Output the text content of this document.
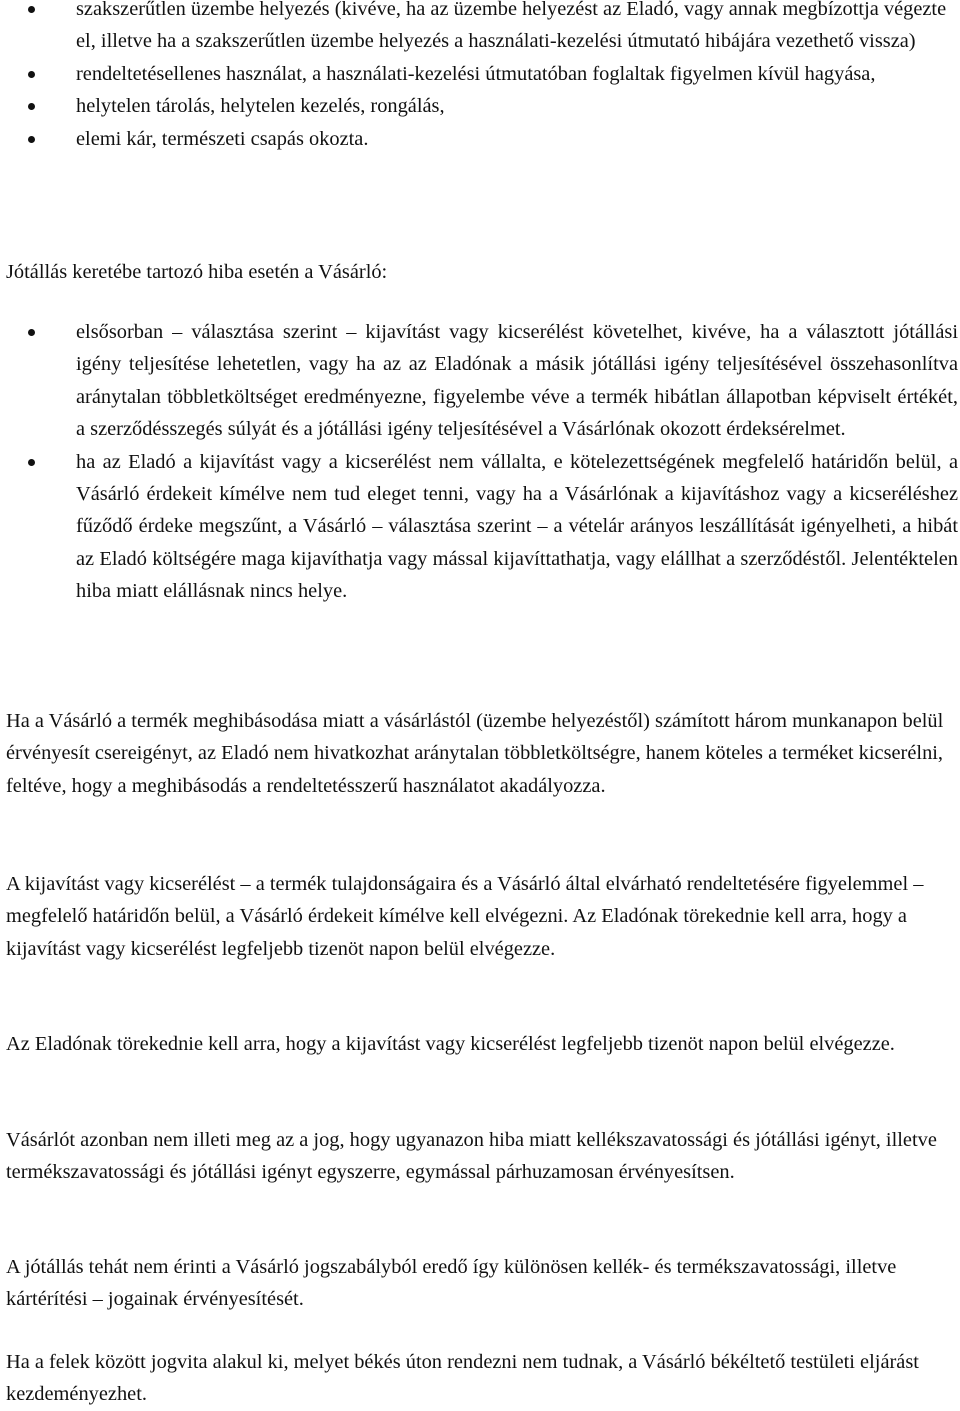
szakszerűtlen üzembe helyezés (kivéve, ha az üzembe helyezést az Eladó, vagy annak megbízottja végezte el, illetve ha a szakszerűtlen üzembe helyezés a használati-kezelési útmutató hibájára vezethető vissza)
rendeltetésellenes használat, a használati-kezelési útmutatóban foglaltak figyelmen kívül hagyása,
helytelen tárolás, helytelen kezelés, rongálás,
elemi kár, természeti csapás okozta.

Jótállás keretébe tartozó hiba esetén a Vásárló:

elsősorban – választása szerint – kijavítást vagy kicserélést követelhet, kivéve, ha a választott jótállási igény teljesítése lehetetlen, vagy ha az az Eladónak a másik jótállási igény teljesítésével összehasonlítva aránytalan többletköltséget eredményezne, figyelembe véve a termék hibátlan állapotban képviselt értékét, a szerződésszegés súlyát és a jótállási igény teljesítésével a Vásárlónak okozott érdeksérelmet.
ha az Eladó a kijavítást vagy a kicserélést nem vállalta, e kötelezettségének megfelelő határidőn belül, a Vásárló érdekeit kímélve nem tud eleget tenni, vagy ha a Vásárlónak a kijavításhoz vagy a kicseréléshez fűződő érdeke megszűnt, a Vásárló – választása szerint – a vételár arányos leszállítását igényelheti, a hibát az Eladó költségére maga kijavíthatja vagy mással kijavíttathatja, vagy elállhat a szerződéstől. Jelentéktelen hiba miatt elállásnak nincs helye.

Ha a Vásárló a termék meghibásodása miatt a vásárlástól (üzembe helyezéstől) számított három munkanapon belül érvényesít csereigényt, az Eladó nem hivatkozhat aránytalan többletköltségre, hanem köteles a terméket kicserélni, feltéve, hogy a meghibásodás a rendeltetésszerű használatot akadályozza.

A kijavítást vagy kicserélést – a termék tulajdonságaira és a Vásárló által elvárható rendeltetésére figyelemmel – megfelelő határidőn belül, a Vásárló érdekeit kímélve kell elvégezni. Az Eladónak törekednie kell arra, hogy a kijavítást vagy kicserélést legfeljebb tizenöt napon belül elvégezze.

Az Eladónak törekednie kell arra, hogy a kijavítást vagy kicserélést legfeljebb tizenöt napon belül elvégezze.

Vásárlót azonban nem illeti meg az a jog, hogy ugyanazon hiba miatt kellékszavatossági és jótállási igényt, illetve termékszavatossági és jótállási igényt egyszerre, egymással párhuzamosan érvényesítsen.

A jótállás tehát nem érinti a Vásárló jogszabályból eredő így különösen kellék- és termékszavatossági, illetve kártérítési – jogainak érvényesítését.

Ha a felek között jogvita alakul ki, melyet békés úton rendezni nem tudnak, a Vásárló békéltető testületi eljárást kezdeményezhet.
